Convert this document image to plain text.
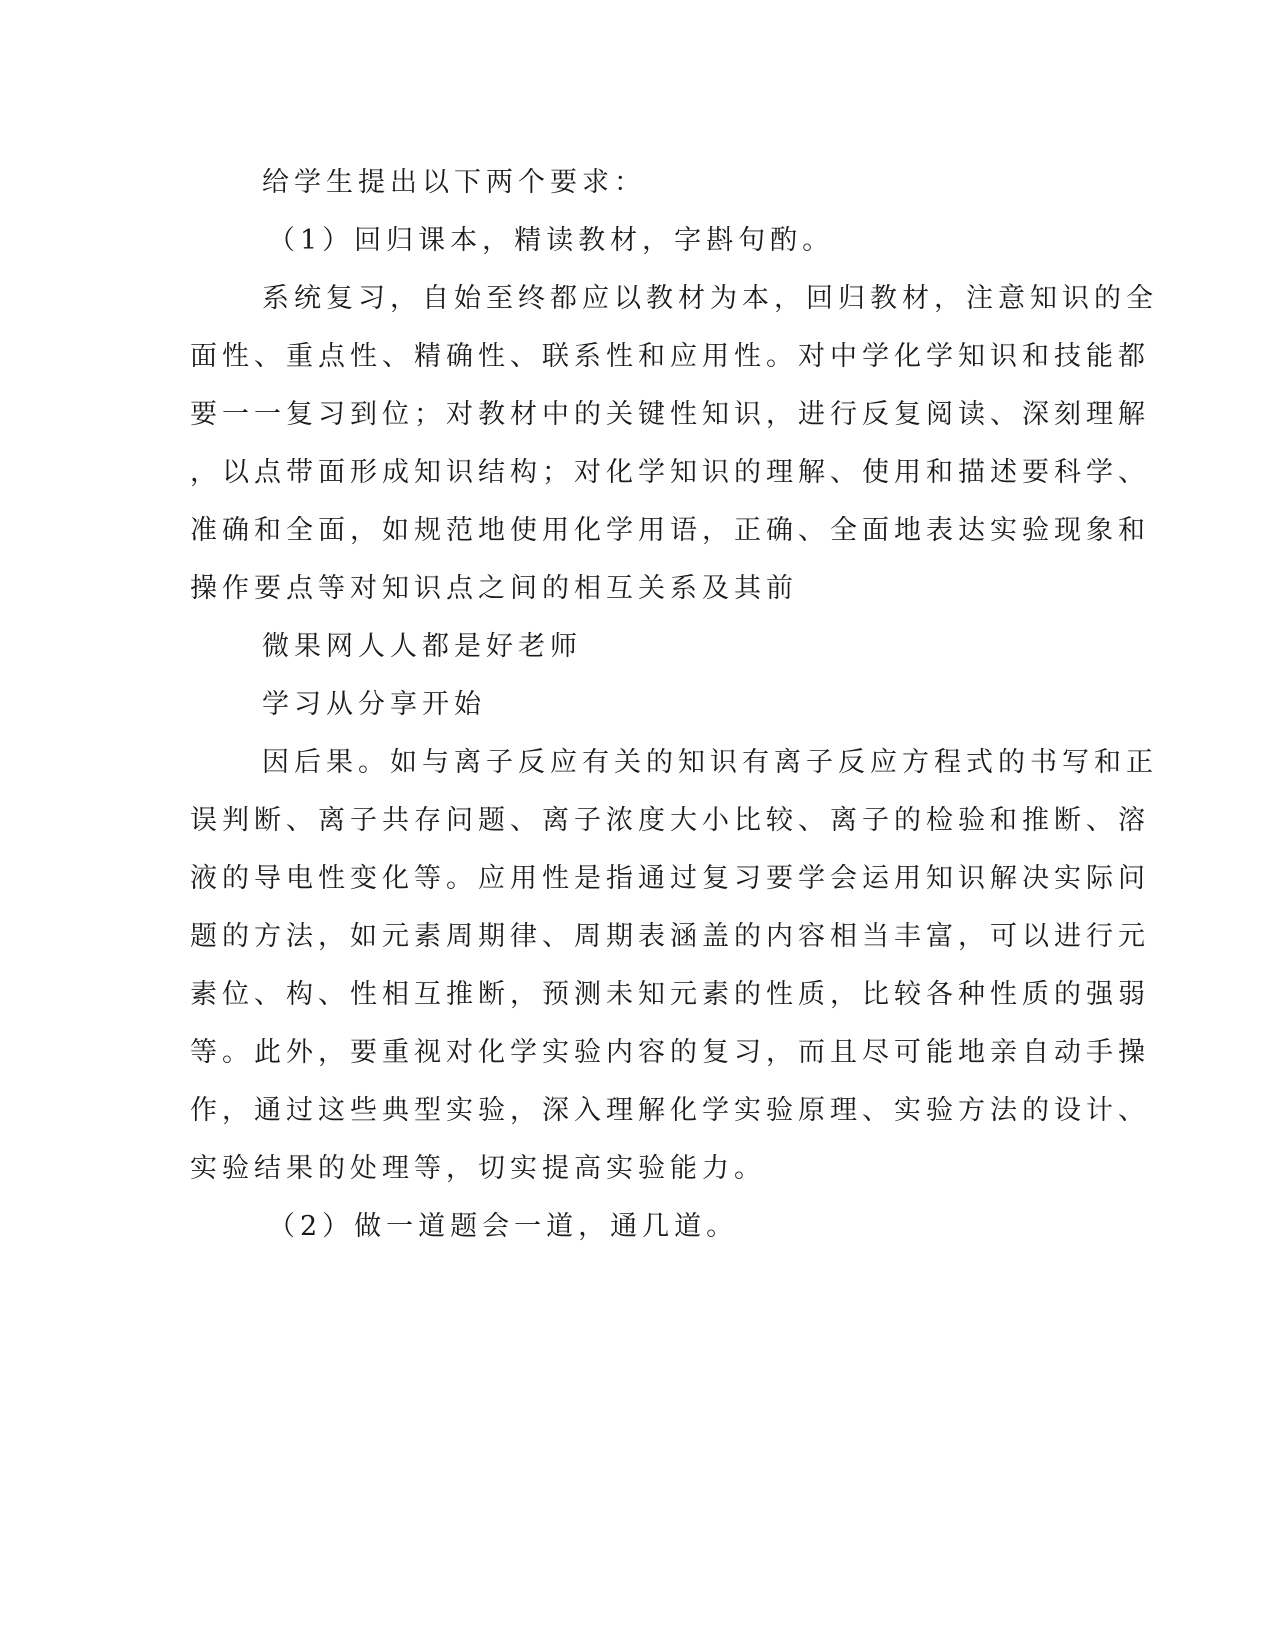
给学生提出以下两个要求：
（1）回归课本，精读教材，字斟句酌。
系统复习，自始至终都应以教材为本，回归教材，注意知识的全
面性、重点性、精确性、联系性和应用性。对中学化学知识和技能都
要一一复习到位；对教材中的关键性知识，进行反复阅读、深刻理解
，以点带面形成知识结构；对化学知识的理解、使用和描述要科学、
准确和全面，如规范地使用化学用语，正确、全面地表达实验现象和
操作要点等对知识点之间的相互关系及其前
微果网人人都是好老师
学习从分享开始
因后果。如与离子反应有关的知识有离子反应方程式的书写和正
误判断、离子共存问题、离子浓度大小比较、离子的检验和推断、溶
液的导电性变化等。应用性是指通过复习要学会运用知识解决实际问
题的方法，如元素周期律、周期表涵盖的内容相当丰富，可以进行元
素位、构、性相互推断，预测未知元素的性质，比较各种性质的强弱
等。此外，要重视对化学实验内容的复习，而且尽可能地亲自动手操
作，通过这些典型实验，深入理解化学实验原理、实验方法的设计、
实验结果的处理等，切实提高实验能力。
（2）做一道题会一道，通几道。
